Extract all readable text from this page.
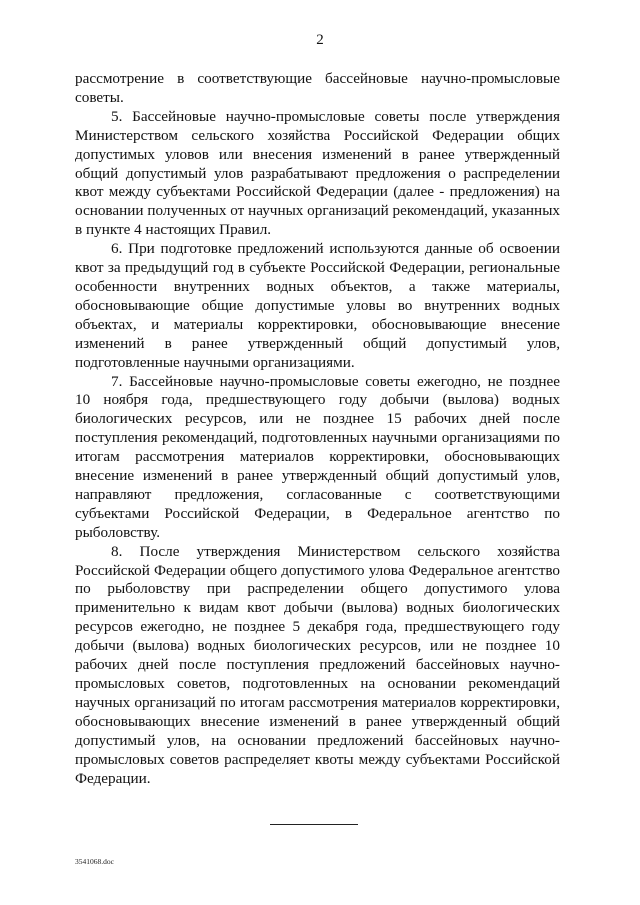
2

рассмотрение в соответствующие бассейновые научно-промысловые советы.

5. Бассейновые научно-промысловые советы после утверждения Министерством сельского хозяйства Российской Федерации общих допустимых уловов или внесения изменений в ранее утвержденный общий допустимый улов разрабатывают предложения о распределении квот между субъектами Российской Федерации (далее - предложения) на основании полученных от научных организаций рекомендаций, указанных в пункте 4 настоящих Правил.

6. При подготовке предложений используются данные об освоении квот за предыдущий год в субъекте Российской Федерации, региональные особенности внутренних водных объектов, а также материалы, обосновывающие общие допустимые уловы во внутренних водных объектах, и материалы корректировки, обосновывающие внесение изменений в ранее утвержденный общий допустимый улов, подготовленные научными организациями.

7. Бассейновые научно-промысловые советы ежегодно, не позднее 10 ноября года, предшествующего году добычи (вылова) водных биологических ресурсов, или не позднее 15 рабочих дней после поступления рекомендаций, подготовленных научными организациями по итогам рассмотрения материалов корректировки, обосновывающих внесение изменений в ранее утвержденный общий допустимый улов, направляют предложения, согласованные с соответствующими субъектами Российской Федерации, в Федеральное агентство по рыболовству.

8. После утверждения Министерством сельского хозяйства Российской Федерации общего допустимого улова Федеральное агентство по рыболовству при распределении общего допустимого улова применительно к видам квот добычи (вылова) водных биологических ресурсов ежегодно, не позднее 5 декабря года, предшествующего году добычи (вылова) водных биологических ресурсов, или не позднее 10 рабочих дней после поступления предложений бассейновых научно-промысловых советов, подготовленных на основании рекомендаций научных организаций по итогам рассмотрения материалов корректировки, обосновывающих внесение изменений в ранее утвержденный общий допустимый улов, на основании предложений бассейновых научно-промысловых советов распределяет квоты между субъектами Российской Федерации.

3541068.doc
